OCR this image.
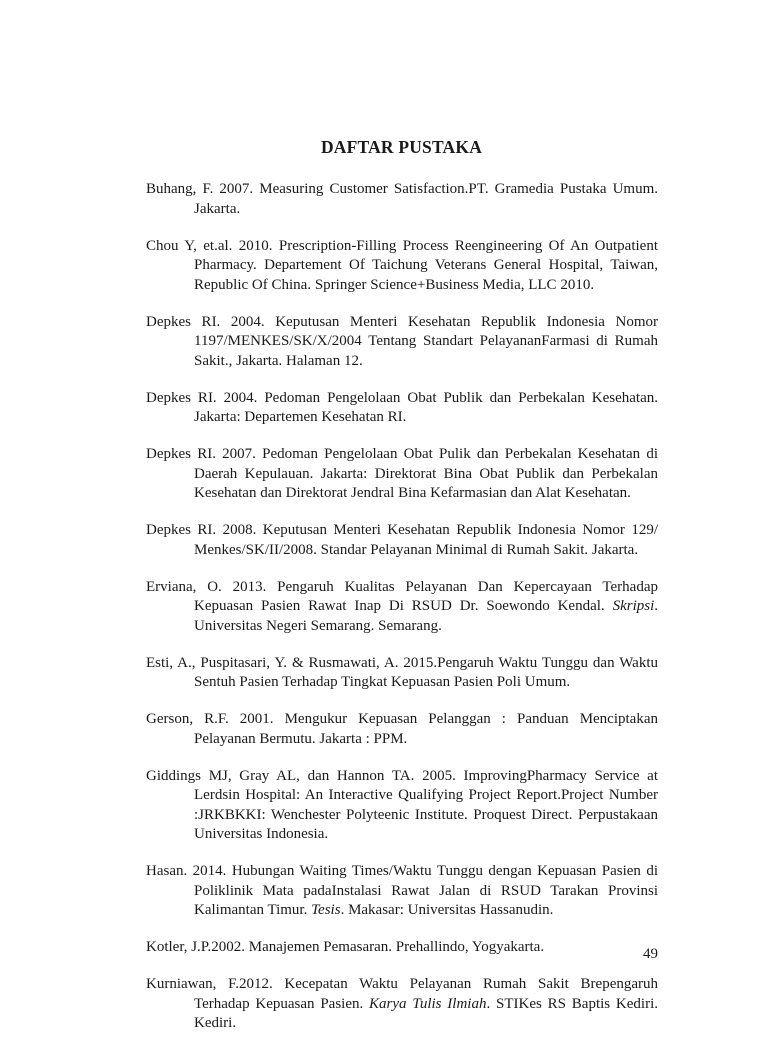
DAFTAR PUSTAKA

Buhang, F. 2007. Measuring Customer Satisfaction.PT. Gramedia Pustaka Umum. Jakarta.

Chou Y, et.al. 2010. Prescription-Filling Process Reengineering Of An Outpatient Pharmacy. Departement Of Taichung Veterans General Hospital, Taiwan, Republic Of China. Springer Science+Business Media, LLC 2010.

Depkes RI. 2004. Keputusan Menteri Kesehatan Republik Indonesia Nomor 1197/MENKES/SK/X/2004 Tentang Standart PelayananFarmasi di Rumah Sakit., Jakarta. Halaman 12.

Depkes RI. 2004. Pedoman Pengelolaan Obat Publik dan Perbekalan Kesehatan. Jakarta: Departemen Kesehatan RI.

Depkes RI. 2007. Pedoman Pengelolaan Obat Pulik dan Perbekalan Kesehatan di Daerah Kepulauan. Jakarta: Direktorat Bina Obat Publik dan Perbekalan Kesehatan dan Direktorat Jendral Bina Kefarmasian dan Alat Kesehatan.

Depkes RI. 2008. Keputusan Menteri Kesehatan Republik Indonesia Nomor 129/ Menkes/SK/II/2008. Standar Pelayanan Minimal di Rumah Sakit. Jakarta.

Erviana, O. 2013. Pengaruh Kualitas Pelayanan Dan Kepercayaan Terhadap Kepuasan Pasien Rawat Inap Di RSUD Dr. Soewondo Kendal. Skripsi. Universitas Negeri Semarang. Semarang.

Esti, A., Puspitasari, Y. & Rusmawati, A. 2015.Pengaruh Waktu Tunggu dan Waktu Sentuh Pasien Terhadap Tingkat Kepuasan Pasien Poli Umum.

Gerson, R.F. 2001. Mengukur Kepuasan Pelanggan : Panduan Menciptakan Pelayanan Bermutu. Jakarta : PPM.

Giddings MJ, Gray AL, dan Hannon TA. 2005. ImprovingPharmacy Service at Lerdsin Hospital: An Interactive Qualifying Project Report.Project Number :JRKBKKI: Wenchester Polyteenic Institute. Proquest Direct. Perpustakaan Universitas Indonesia.

Hasan. 2014. Hubungan Waiting Times/Waktu Tunggu dengan Kepuasan Pasien di Poliklinik Mata padaInstalasi Rawat Jalan di RSUD Tarakan Provinsi Kalimantan Timur. Tesis. Makasar: Universitas Hassanudin.

Kotler, J.P.2002. Manajemen Pemasaran. Prehallindo, Yogyakarta.

Kurniawan, F.2012. Kecepatan Waktu Pelayanan Rumah Sakit Brepengaruh Terhadap Kepuasan Pasien. Karya Tulis Ilmiah. STIKes RS Baptis Kediri. Kediri.

49
